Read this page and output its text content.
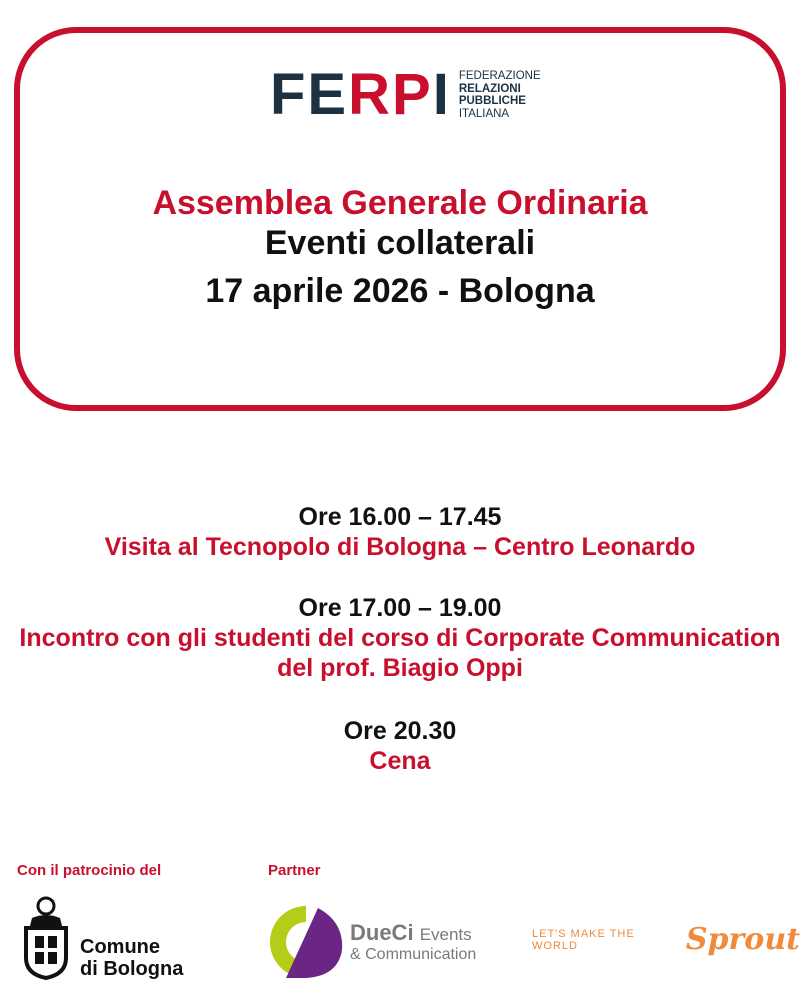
FERPI FEDERAZIONE
RELAZIONI
PUBBLICHE
ITALIANA
Assemblea Generale Ordinaria
Eventi collaterali
17 aprile 2026 - Bologna
Ore 16.00 – 17.45
Visita al Tecnopolo di Bologna – Centro Leonardo
Ore 17.00 – 19.00
Incontro con gli studenti del corso di Corporate Communication
del prof. Biagio Oppi
Ore 20.30
Cena
Con il patrocinio del	Partner
Comune
di Bologna
DueCi Events
& Communication
LET'S MAKE THE WORLD	Sprout
